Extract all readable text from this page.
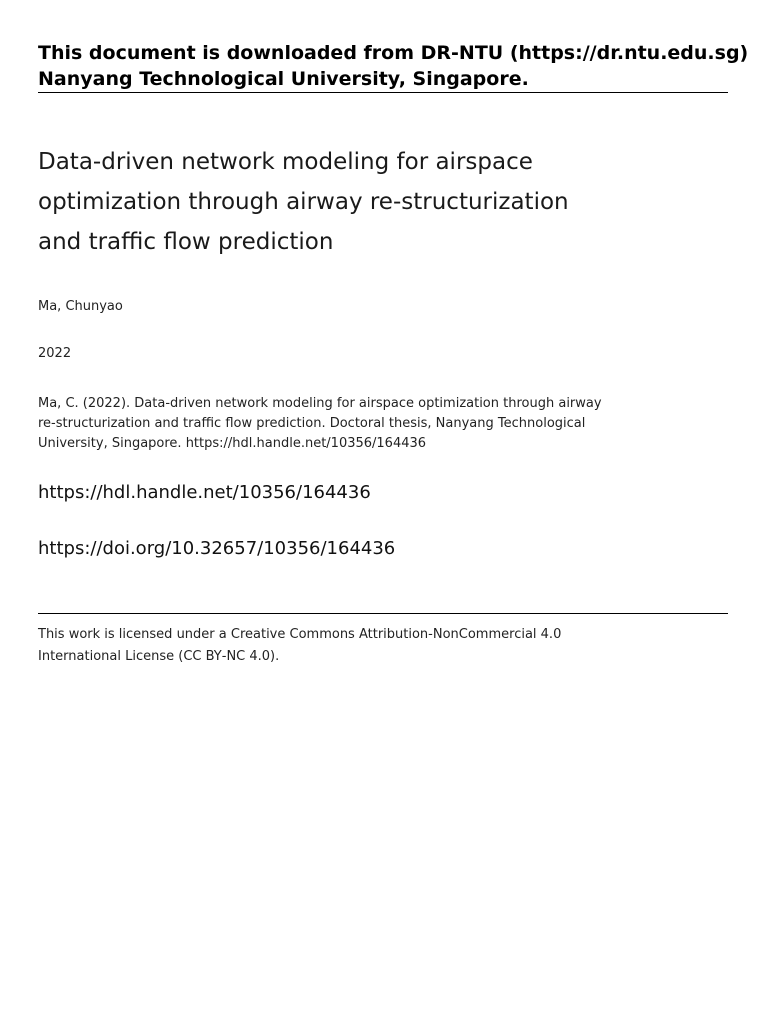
This document is downloaded from DR‑NTU (https://dr.ntu.edu.sg)
Nanyang Technological University, Singapore.
Data‑driven network modeling for airspace
optimization through airway re‑structurization
and traffic flow prediction
Ma, Chunyao
2022
Ma, C. (2022). Data‑driven network modeling for airspace optimization through airway
re‑structurization and traffic flow prediction. Doctoral thesis, Nanyang Technological
University, Singapore. https://hdl.handle.net/10356/164436
https://hdl.handle.net/10356/164436
https://doi.org/10.32657/10356/164436
This work is licensed under a Creative Commons Attribution‑NonCommercial 4.0
International License (CC BY‑NC 4.0).
